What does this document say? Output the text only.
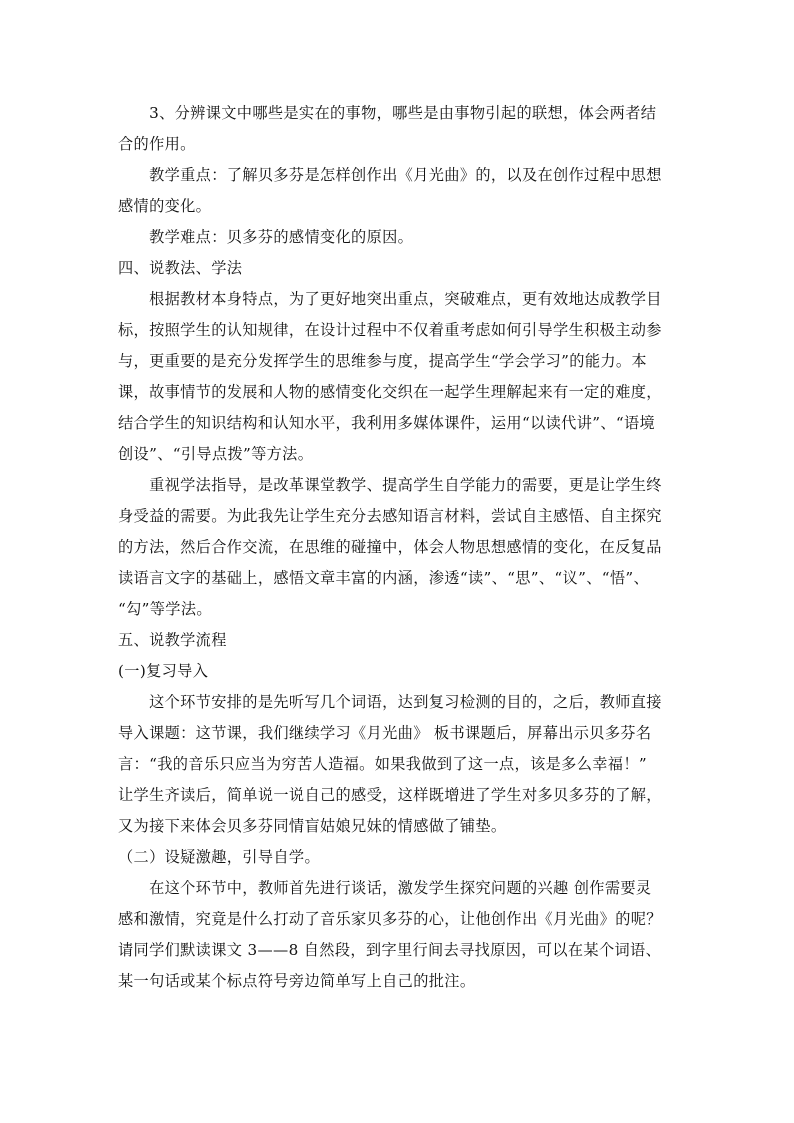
　　3、分辨课文中哪些是实在的事物，哪些是由事物引起的联想，体会两者结
合的作用。
　　教学重点：了解贝多芬是怎样创作出《月光曲》的，以及在创作过程中思想
感情的变化。
　　教学难点：贝多芬的感情变化的原因。
四、说教法、学法
　　根据教材本身特点，为了更好地突出重点，突破难点，更有效地达成教学目
标，按照学生的认知规律，在设计过程中不仅着重考虑如何引导学生积极主动参
与，更重要的是充分发挥学生的思维参与度，提高学生“学会学习”的能力。本
课，故事情节的发展和人物的感情变化交织在一起学生理解起来有一定的难度，
结合学生的知识结构和认知水平，我利用多媒体课件，运用“以读代讲”、“语境
创设”、“引导点拨”等方法。
　　重视学法指导，是改革课堂教学、提高学生自学能力的需要，更是让学生终
身受益的需要。为此我先让学生充分去感知语言材料，尝试自主感悟、自主探究
的方法，然后合作交流，在思维的碰撞中，体会人物思想感情的变化，在反复品
读语言文字的基础上，感悟文章丰富的内涵，渗透“读”、“思”、“议”、“悟”、
“勾”等学法。
五、说教学流程
(一)复习导入
　　这个环节安排的是先听写几个词语，达到复习检测的目的，之后，教师直接
导入课题：这节课，我们继续学习《月光曲》 板书课题后，屏幕出示贝多芬名
言：“我的音乐只应当为穷苦人造福。如果我做到了这一点，该是多么幸福！”
让学生齐读后，简单说一说自己的感受，这样既增进了学生对多贝多芬的了解，
又为接下来体会贝多芬同情盲姑娘兄妹的情感做了铺垫。
（二）设疑激趣，引导自学。
　　在这个环节中，教师首先进行谈话，激发学生探究问题的兴趣 创作需要灵
感和激情，究竟是什么打动了音乐家贝多芬的心，让他创作出《月光曲》的呢？
请同学们默读课文 3——8 自然段，到字里行间去寻找原因，可以在某个词语、
某一句话或某个标点符号旁边简单写上自己的批注。
